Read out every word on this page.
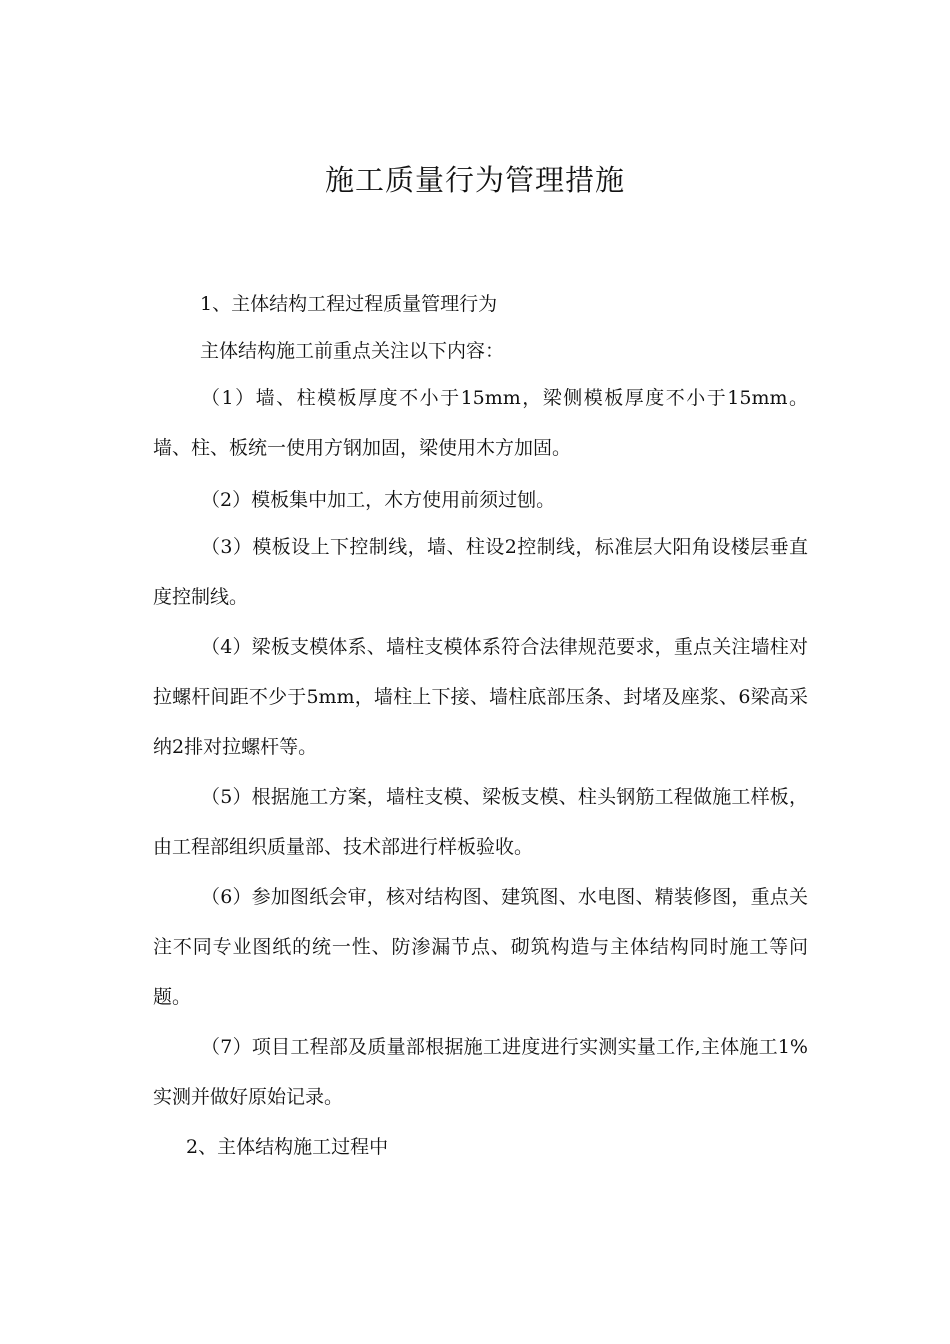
施工质量行为管理措施
1、主体结构工程过程质量管理行为
主体结构施工前重点关注以下内容：
（1）墙、柱模板厚度不小于15mm，梁侧模板厚度不小于15mm。墙、柱、板统一使用方钢加固，梁使用木方加固。
（2）模板集中加工，木方使用前须过刨。
（3）模板设上下控制线，墙、柱设2控制线，标准层大阳角设楼层垂直度控制线。
（4）梁板支模体系、墙柱支模体系符合法律规范要求，重点关注墙柱对拉螺杆间距不少于5mm，墙柱上下接、墙柱底部压条、封堵及座浆、6梁高采纳2排对拉螺杆等。
（5）根据施工方案，墙柱支模、梁板支模、柱头钢筋工程做施工样板，由工程部组织质量部、技术部进行样板验收。
（6）参加图纸会审，核对结构图、建筑图、水电图、精装修图，重点关注不同专业图纸的统一性、防渗漏节点、砌筑构造与主体结构同时施工等问题。
（7）项目工程部及质量部根据施工进度进行实测实量工作,主体施工1%实测并做好原始记录。
2、主体结构施工过程中
